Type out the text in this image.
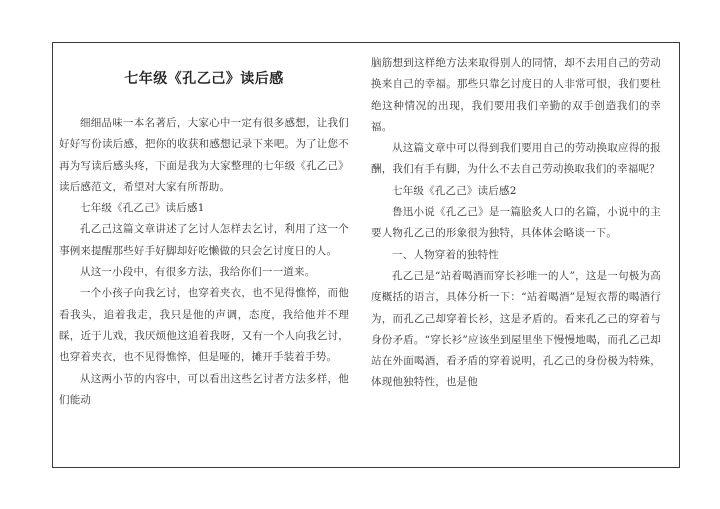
七年级《孔乙己》读后感

细细品味一本名著后，大家心中一定有很多感想，让我们好好写份读后感，把你的收获和感想记录下来吧。为了让您不再为写读后感头疼，下面是我为大家整理的七年级《孔乙己》读后感范文，希望对大家有所帮助。

七年级《孔乙己》读后感1

孔乙己这篇文章讲述了乞讨人怎样去乞讨，利用了这一个事例来提醒那些好手好脚却好吃懒做的只会乞讨度日的人。

从这一小段中，有很多方法，我给你们一一道来。

一个小孩子向我乞讨，也穿着夹衣，也不见得憔悴，而他看我头，追着我走，我只是他的声调，态度，我给他并不理睬，近于儿戏，我厌烦他这追着我呀，又有一个人向我乞讨，也穿着夹衣，也不见得憔悴，但是哑的，摊开手装着手势。

从这两小节的内容中，可以看出这些乞讨者方法多样，他们能动

脑筋想到这样绝方法来取得别人的同情，却不去用自己的劳动换来自己的幸福。那些只靠乞讨度日的人非常可恨，我们要杜绝这种情况的出现，我们要用我们辛勤的双手创造我们的幸福。

从这篇文章中可以得到我们要用自己的劳动换取应得的报酬，我们有手有脚，为什么不去自己劳动换取我们的幸福呢？

七年级《孔乙己》读后感2

鲁迅小说《孔乙己》是一篇脍炙人口的名篇，小说中的主要人物孔乙己的形象很为独特，具体体会略谈一下。

一、人物穿着的独特性

孔乙己是“站着喝酒而穿长衫唯一的人”，这是一句极为高度概括的语言，具体分析一下：“站着喝酒”是短衣帮的喝酒行为，而孔乙己却穿着长衫，这是矛盾的。看来孔乙己的穿着与身份矛盾。“穿长衫”应该坐到屋里坐下慢慢地喝，而孔乙己却站在外面喝酒，看矛盾的穿着说明，孔乙己的身份极为特殊，体现他独特性，也是他
